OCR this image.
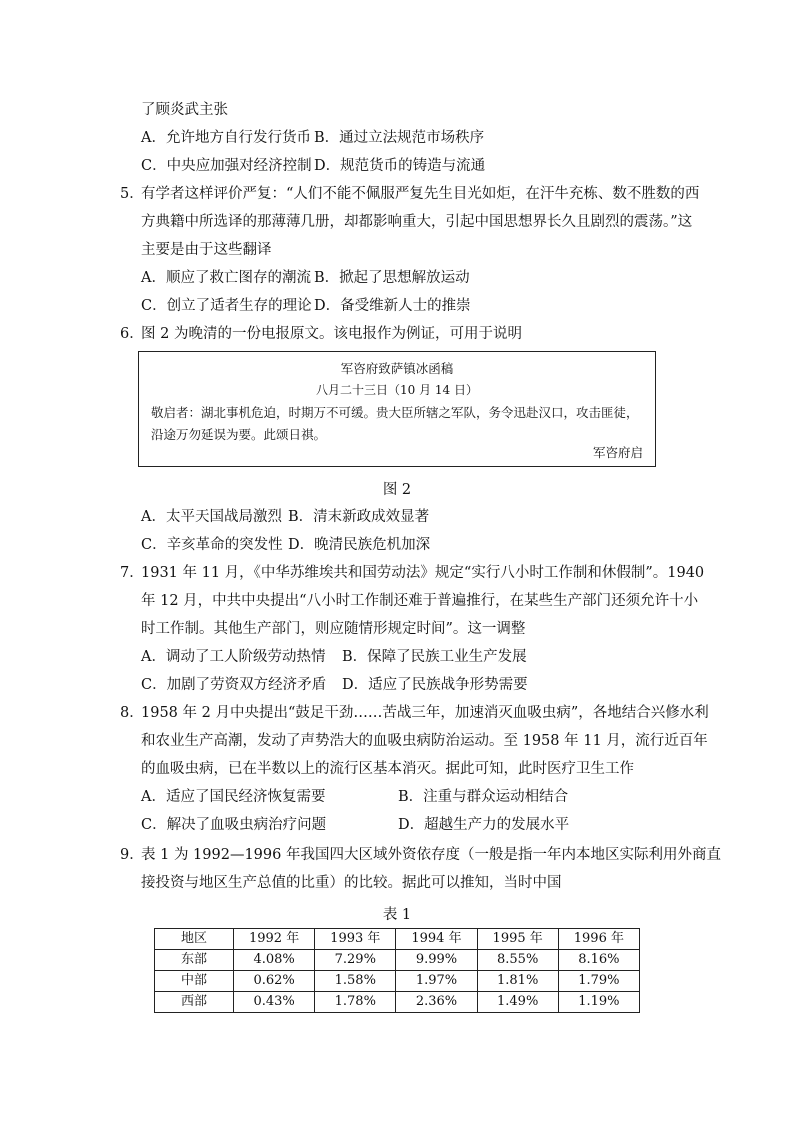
了顾炎武主张
A．允许地方自行发行货币 B．通过立法规范市场秩序
C．中央应加强对经济控制 D．规范货币的铸造与流通
5．
有学者这样评价严复：“人们不能不佩服严复先生目光如炬，在汗牛充栋、数不胜数的西
方典籍中所选译的那薄薄几册，却都影响重大，引起中国思想界长久且剧烈的震荡。”这
主要是由于这些翻译
A．顺应了救亡图存的潮流 B．掀起了思想解放运动
C．创立了适者生存的理论 D．备受维新人士的推崇
6．
图 2 为晚清的一份电报原文。该电报作为例证，可用于说明
军咨府致萨镇冰函稿
八月二十三日（10 月 14 日）
敬启者：湖北事机危迫，时期万不可缓。贵大臣所辖之军队，务令迅赴汉口，攻击匪徒，沿途万勿延误为要。此颂日祺。
军咨府启
图 2
A．太平天国战局激烈 B．清末新政成效显著
C．辛亥革命的突发性 D．晚清民族危机加深
7．
1931 年 11 月，《中华苏维埃共和国劳动法》规定“实行八小时工作制和休假制”。1940
年 12 月，中共中央提出“八小时工作制还难于普遍推行，在某些生产部门还须允许十小
时工作制。其他生产部门，则应随情形规定时间”。这一调整
A．调动了工人阶级劳动热情 B．保障了民族工业生产发展
C．加剧了劳资双方经济矛盾 D．适应了民族战争形势需要
8．
1958 年 2 月中央提出“鼓足干劲……苦战三年，加速消灭血吸虫病”，各地结合兴修水利
和农业生产高潮，发动了声势浩大的血吸虫病防治运动。至 1958 年 11 月，流行近百年
的血吸虫病，已在半数以上的流行区基本消灭。据此可知，此时医疗卫生工作
A．适应了国民经济恢复需要	B．注重与群众运动相结合
C．解决了血吸虫病治疗问题	D．超越生产力的发展水平
9．
表 1 为 1992—1996 年我国四大区域外资依存度（一般是指一年内本地区实际利用外商直
接投资与地区生产总值的比重）的比较。据此可以推知，当时中国
表 1
地区	1992 年	1993 年	1994 年	1995 年	1996 年
东部	4.08%	7.29%	9.99%	8.55%	8.16%
中部	0.62%	1.58%	1.97%	1.81%	1.79%
西部	0.43%	1.78%	2.36%	1.49%	1.19%
